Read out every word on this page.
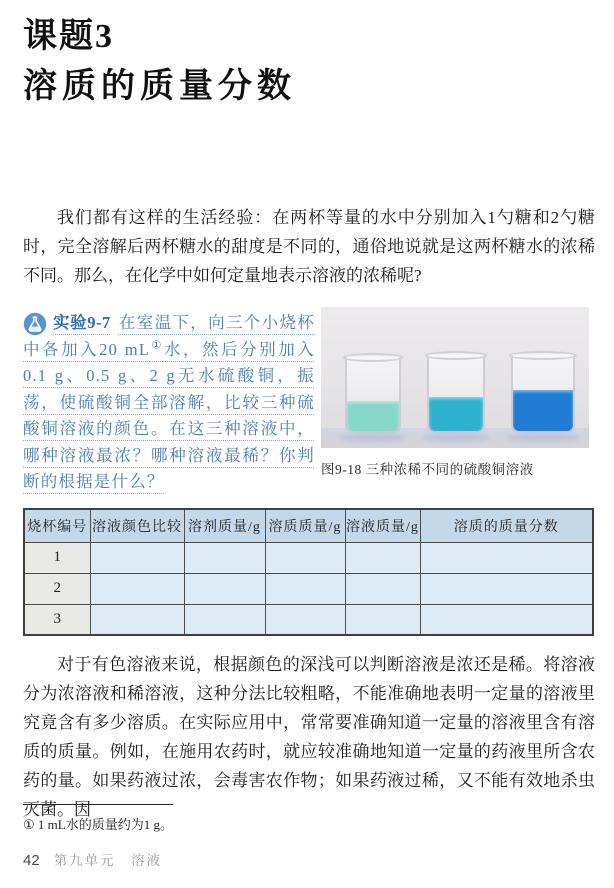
课题3
溶质的质量分数
我们都有这样的生活经验：在两杯等量的水中分别加入1勺糖和2勺糖时，完全溶解后两杯糖水的甜度是不同的，通俗地说就是这两杯糖水的浓稀不同。那么，在化学中如何定量地表示溶液的浓稀呢?
实验9-7 在室温下，向三个小烧杯中各加入20 mL①水，然后分别加入0.1 g、0.5 g、2 g无水硫酸铜，振荡，使硫酸铜全部溶解，比较三种硫酸铜溶液的颜色。在这三种溶液中，哪种溶液最浓？哪种溶液最稀？你判断的根据是什么？
图9-18 三种浓稀不同的硫酸铜溶液
烧杯编号	溶液颜色比较	溶剂质量/g	溶质质量/g	溶液质量/g	溶质的质量分数
1					
2					
3					
对于有色溶液来说，根据颜色的深浅可以判断溶液是浓还是稀。将溶液分为浓溶液和稀溶液，这种分法比较粗略，不能准确地表明一定量的溶液里究竟含有多少溶质。在实际应用中，常常要准确知道一定量的溶液里含有溶质的质量。例如，在施用农药时，就应较准确地知道一定量的药液里所含农药的量。如果药液过浓，会毒害农作物；如果药液过稀，又不能有效地杀虫灭菌。因
① 1 mL水的质量约为1 g。
42 第九单元　溶液
